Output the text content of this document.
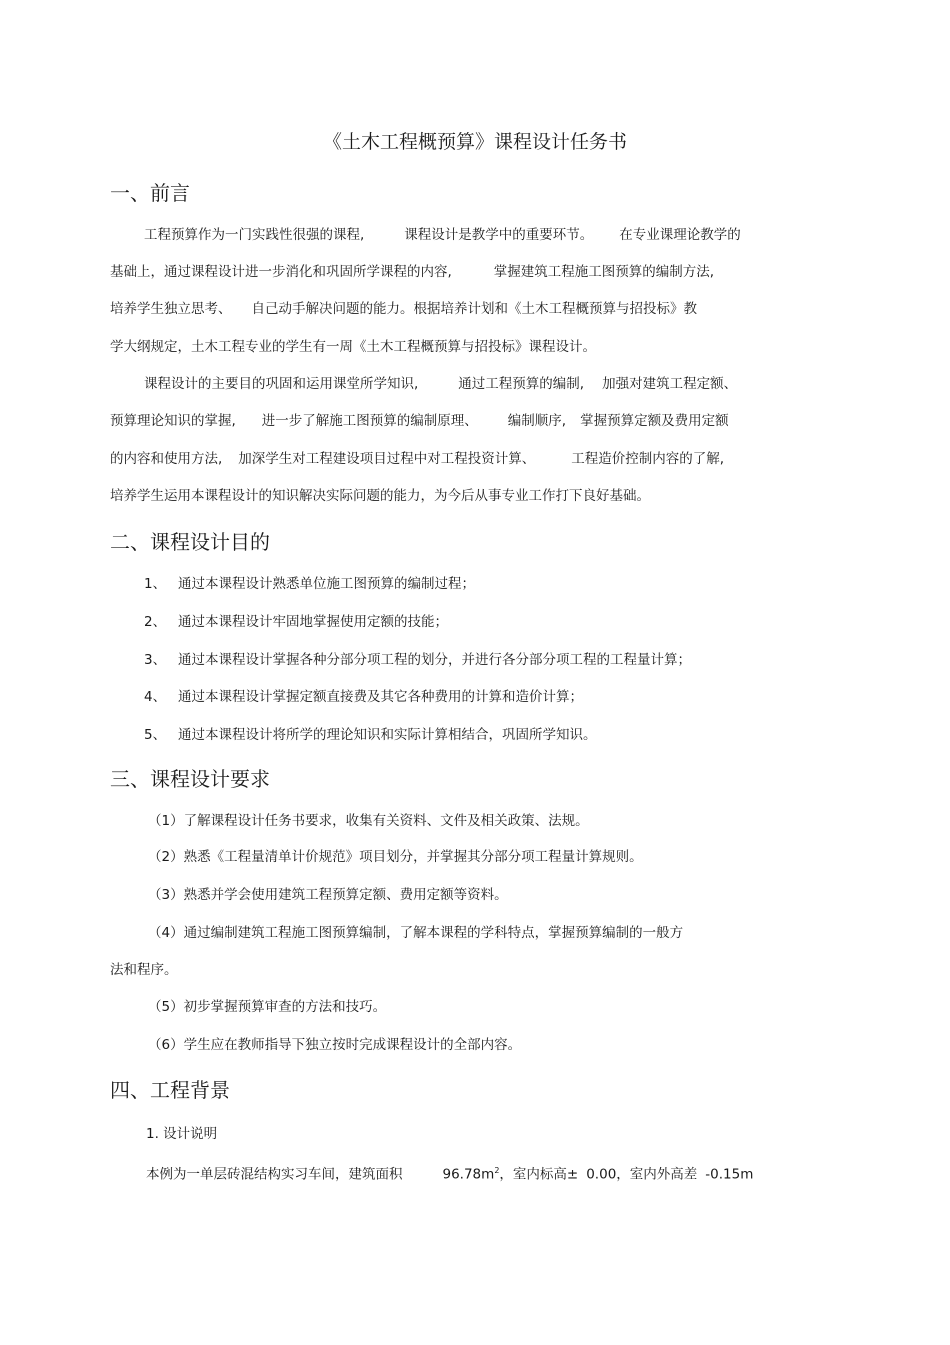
《土木工程概预算》课程设计任务书
一、前言
工程预算作为一门实践性很强的课程,	课程设计是教学中的重要环节。 在专业课理论教学的
基础上，通过课程设计进一步消化和巩固所学课程的内容,	掌握建筑工程施工图预算的编制方法,
培养学生独立思考、 自己动手解决问题的能力。根据培养计划和《土木工程概预算与招投标》教
学大纲规定，土木工程专业的学生有一周《土木工程概预算与招投标》课程设计。
课程设计的主要目的巩固和运用课堂所学知识,	通过工程预算的编制, 加强对建筑工程定额、
预算理论知识的掌握, 进一步了解施工图预算的编制原理、 编制顺序, 掌握预算定额及费用定额
的内容和使用方法, 加深学生对工程建设项目过程中对工程投资计算、	工程造价控制内容的了解,
培养学生运用本课程设计的知识解决实际问题的能力，为今后从事专业工作打下良好基础。
二、课程设计目的
1、 通过本课程设计熟悉单位施工图预算的编制过程；
2、 通过本课程设计牢固地掌握使用定额的技能；
3、 通过本课程设计掌握各种分部分项工程的划分，并进行各分部分项工程的工程量计算；
4、 通过本课程设计掌握定额直接费及其它各种费用的计算和造价计算；
5、 通过本课程设计将所学的理论知识和实际计算相结合，巩固所学知识。
三、课程设计要求
（1）了解课程设计任务书要求，收集有关资料、文件及相关政策、法规。
（2）熟悉《工程量清单计价规范》项目划分，并掌握其分部分项工程量计算规则。
（3）熟悉并学会使用建筑工程预算定额、费用定额等资料。
（4）通过编制建筑工程施工图预算编制，了解本课程的学科特点，掌握预算编制的一般方
法和程序。
（5）初步掌握预算审查的方法和技巧。
（6）学生应在教师指导下独立按时完成课程设计的全部内容。
四、工程背景
1. 设计说明
本例为一单层砖混结构实习车间，建筑面积	$96.78m^2$，室内标高± 0.00，室内外高差 -0.15m
